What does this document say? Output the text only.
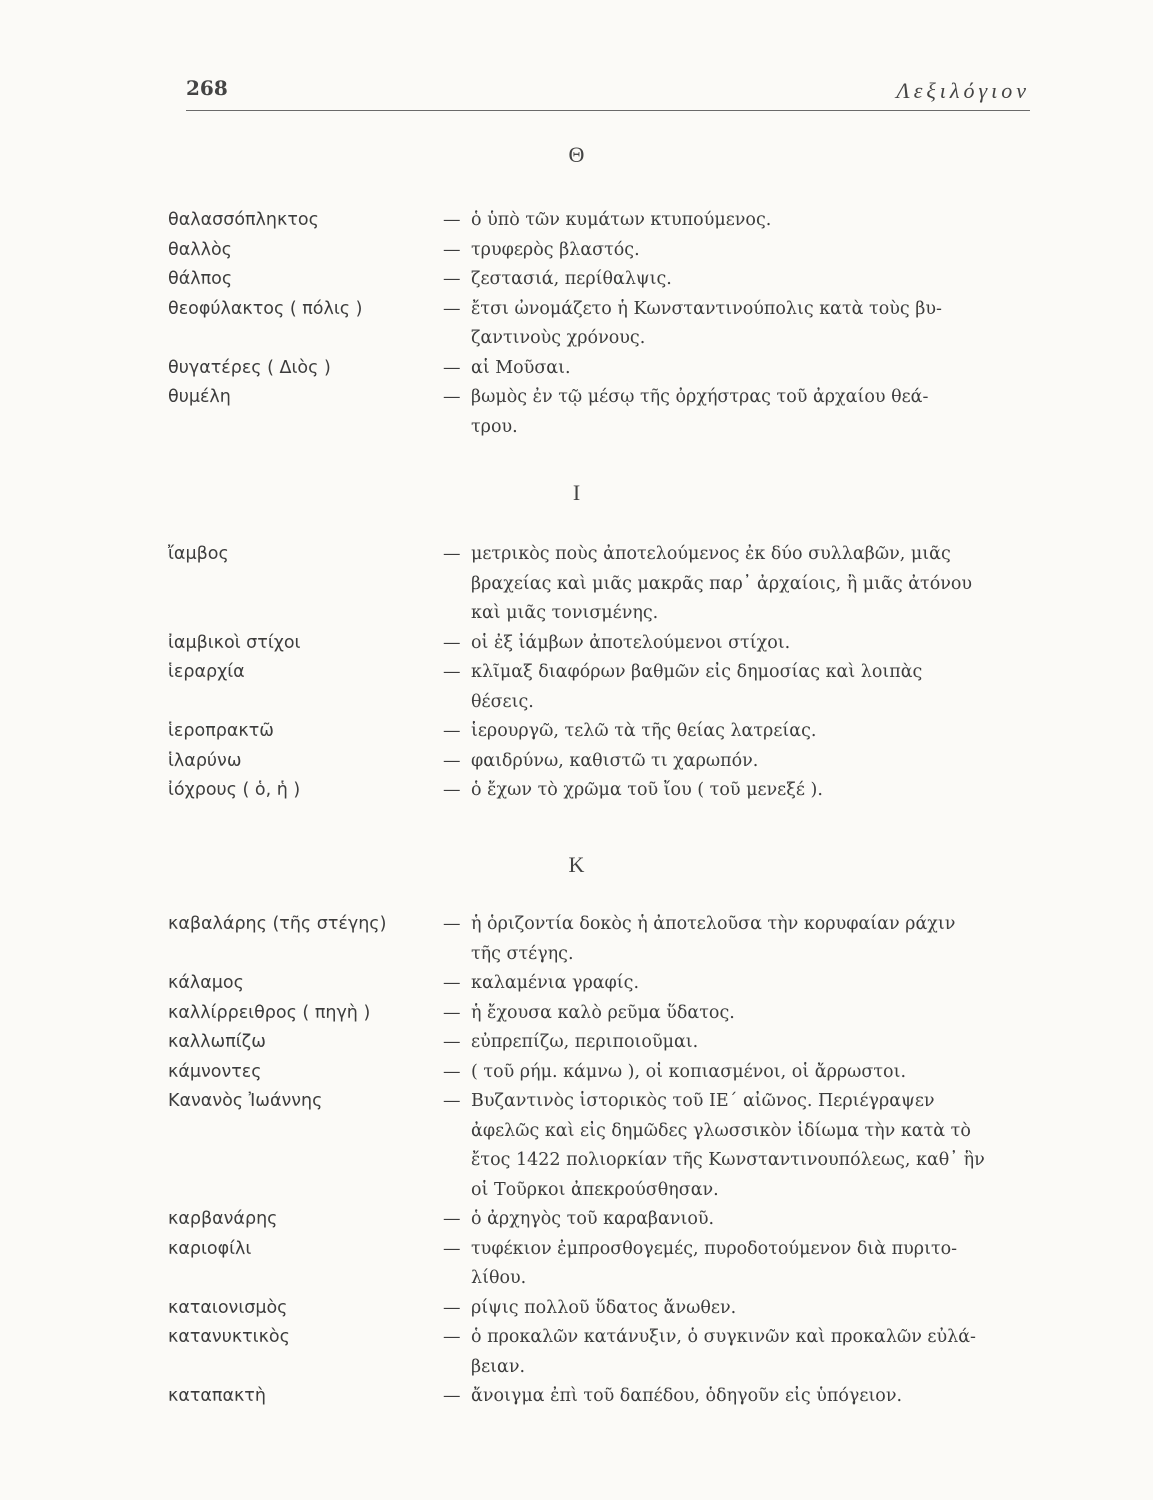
268	Λεξιλόγιον
Θ
θαλασσόπληκτος	— ὁ ὑπὸ τῶν κυμάτων κτυπούμενος.
θαλλὸς	— τρυφερὸς βλαστός.
θάλπος	— ζεστασιά, περίθαλψις.
θεοφύλακτος ( πόλις )	— ἔτσι ὠνομάζετο ἡ Κωνσταντινούπολις κατὰ τοὺς βυ-
ζαντινοὺς χρόνους.
θυγατέρες ( Διὸς )	— αἱ Μοῦσαι.
θυμέλη	— βωμὸς ἐν τῷ μέσῳ τῆς ὀρχήστρας τοῦ ἀρχαίου θεά-
τρου.
Ι
ἴαμβος	— μετρικὸς ποὺς ἀποτελούμενος ἐκ δύο συλλαβῶν, μιᾶς
βραχείας καὶ μιᾶς μακρᾶς παρ᾽ ἀρχαίοις, ἢ μιᾶς ἀτόνου
καὶ μιᾶς τονισμένης.
ἰαμβικοὶ στίχοι	— οἱ ἐξ ἰάμβων ἀποτελούμενοι στίχοι.
ἱεραρχία	— κλῖμαξ διαφόρων βαθμῶν εἰς δημοσίας καὶ λοιπὰς
θέσεις.
ἱεροπρακτῶ	— ἱερουργῶ, τελῶ τὰ τῆς θείας λατρείας.
ἱλαρύνω	— φαιδρύνω, καθιστῶ τι χαρωπόν.
ἰόχρους ( ὁ, ἡ )	— ὁ ἔχων τὸ χρῶμα τοῦ ἴου ( τοῦ μενεξέ ).
Κ
καβαλάρης (τῆς στέγης)	— ἡ ὁριζοντία δοκὸς ἡ ἀποτελοῦσα τὴν κορυφαίαν ράχιν
τῆς στέγης.
κάλαμος	— καλαμένια γραφίς.
καλλίρρειθρος ( πηγὴ )	— ἡ ἔχουσα καλὸ ρεῦμα ὕδατος.
καλλωπίζω	— εὐπρεπίζω, περιποιοῦμαι.
κάμνοντες	— ( τοῦ ρήμ. κάμνω ), οἱ κοπιασμένοι, οἱ ἄρρωστοι.
Κανανὸς Ἰωάννης	— Βυζαντινὸς ἱστορικὸς τοῦ ΙΕ´ αἰῶνος. Περιέγραψεν
ἀφελῶς καὶ εἰς δημῶδες γλωσσικὸν ἰδίωμα τὴν κατὰ τὸ
ἔτος 1422 πολιορκίαν τῆς Κωνσταντινουπόλεως, καθ᾽ ἣν
οἱ Τοῦρκοι ἀπεκρούσθησαν.
καρβανάρης	— ὁ ἀρχηγὸς τοῦ καραβανιοῦ.
καριοφίλι	— τυφέκιον ἐμπροσθογεμές, πυροδοτούμενον διὰ πυριτο-
λίθου.
καταιονισμὸς	— ρίψις πολλοῦ ὕδατος ἄνωθεν.
κατανυκτικὸς	— ὁ προκαλῶν κατάνυξιν, ὁ συγκινῶν καὶ προκαλῶν εὐλά-
βειαν.
καταπακτὴ	— ἄνοιγμα ἐπὶ τοῦ δαπέδου, ὁδηγοῦν εἰς ὑπόγειον.
